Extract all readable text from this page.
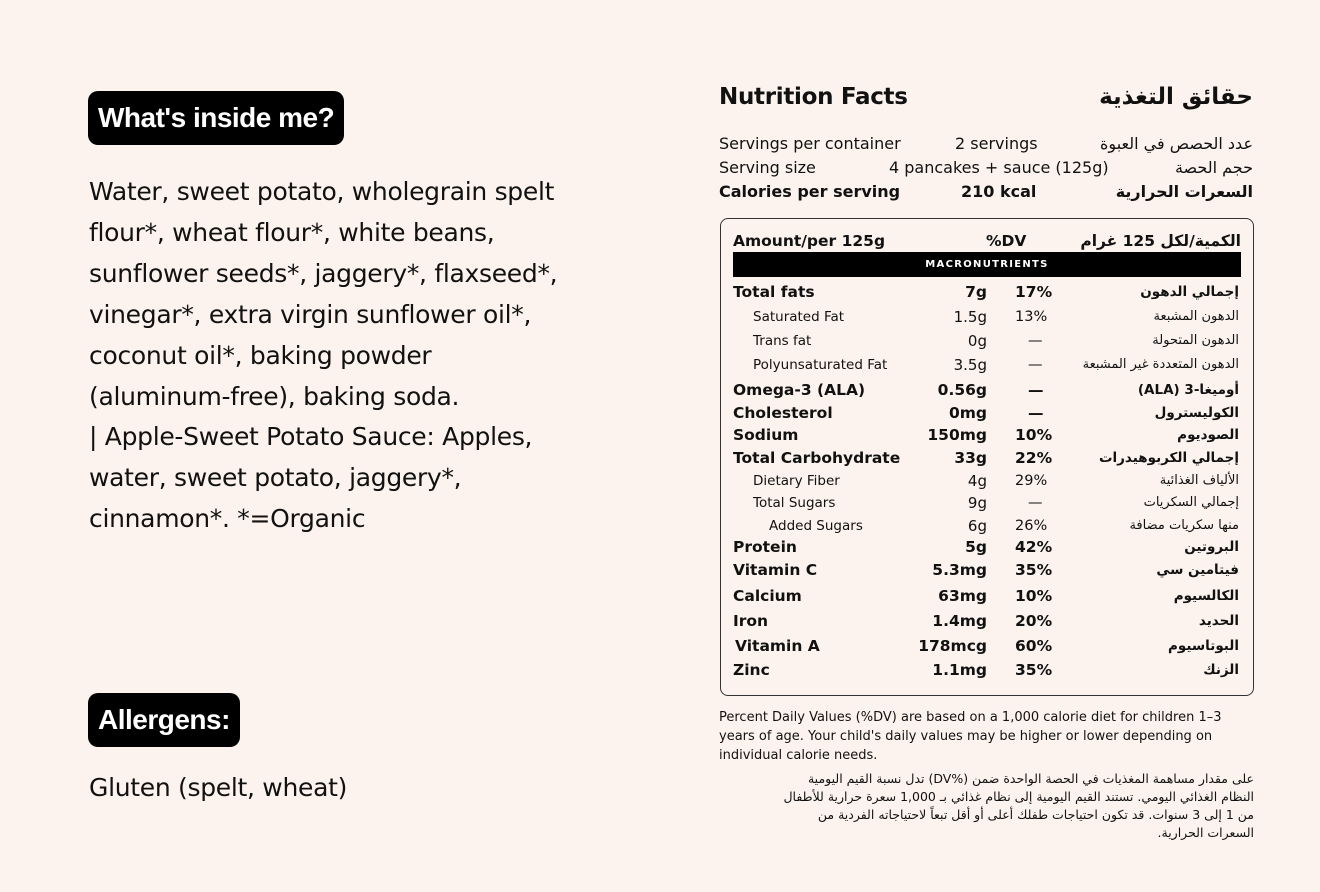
What's inside me?
Water, sweet potato, wholegrain spelt
flour*, wheat flour*, white beans,
sunflower seeds*, jaggery*, flaxseed*,
vinegar*, extra virgin sunflower oil*,
coconut oil*, baking powder
(aluminum-free), baking soda.
| Apple-Sweet Potato Sauce: Apples,
water, sweet potato, jaggery*,
cinnamon*. *=Organic
Allergens:
Gluten (spelt, wheat)
Nutrition Facts	حقائق التغذية
Servings per container	2 servings	عدد الحصص في العبوة
Serving size	4 pancakes + sauce (125g)	حجم الحصة
Calories per serving	210 kcal	السعرات الحرارية
Amount/per 125g	%DV	الكمية/لكل 125 غرام
MACRONUTRIENTS
Total fats	7g 17%	إجمالي الدهون
Saturated Fat	1.5g 13%	الدهون المشبعة
Trans fat	0g	—	الدهون المتحولة
Polyunsaturated Fat	3.5g	—	الدهون المتعددة غير المشبعة
Omega-3 (ALA)	0.56g	—	أوميغا-3 (ALA)
Cholesterol	0mg	—	الكوليسترول
Sodium	150mg 10%	الصوديوم
Total Carbohydrate	33g 22%	إجمالي الكربوهيدرات
Dietary Fiber	4g 29%	الألياف الغذائية
Total Sugars	9g	—	إجمالي السكريات
Added Sugars	6g 26%	منها سكريات مضافة
Protein	5g 42%	البروتين
Vitamin C	5.3mg 35%	فيتامين سي
Calcium	63mg 10%	الكالسيوم
Iron	1.4mg 20%	الحديد
Vitamin A	178mcg 60%	البوتاسيوم
Zinc	1.1mg 35%	الزنك
Percent Daily Values (%DV) are based on a 1,000 calorie diet for children 1–3 years of age. Your child's daily values may be higher or lower depending on individual calorie needs.
على مقدار مساهمة المغذيات في الحصة الواحدة ضمن (%DV) تدل نسبة القيم اليومية
النظام الغذائي اليومي. تستند القيم اليومية إلى نظام غذائي بـ 1,000 سعرة حرارية للأطفال
من 1 إلى 3 سنوات. قد تكون احتياجات طفلك أعلى أو أقل تبعاً لاحتياجاته الفردية من
السعرات الحرارية.
